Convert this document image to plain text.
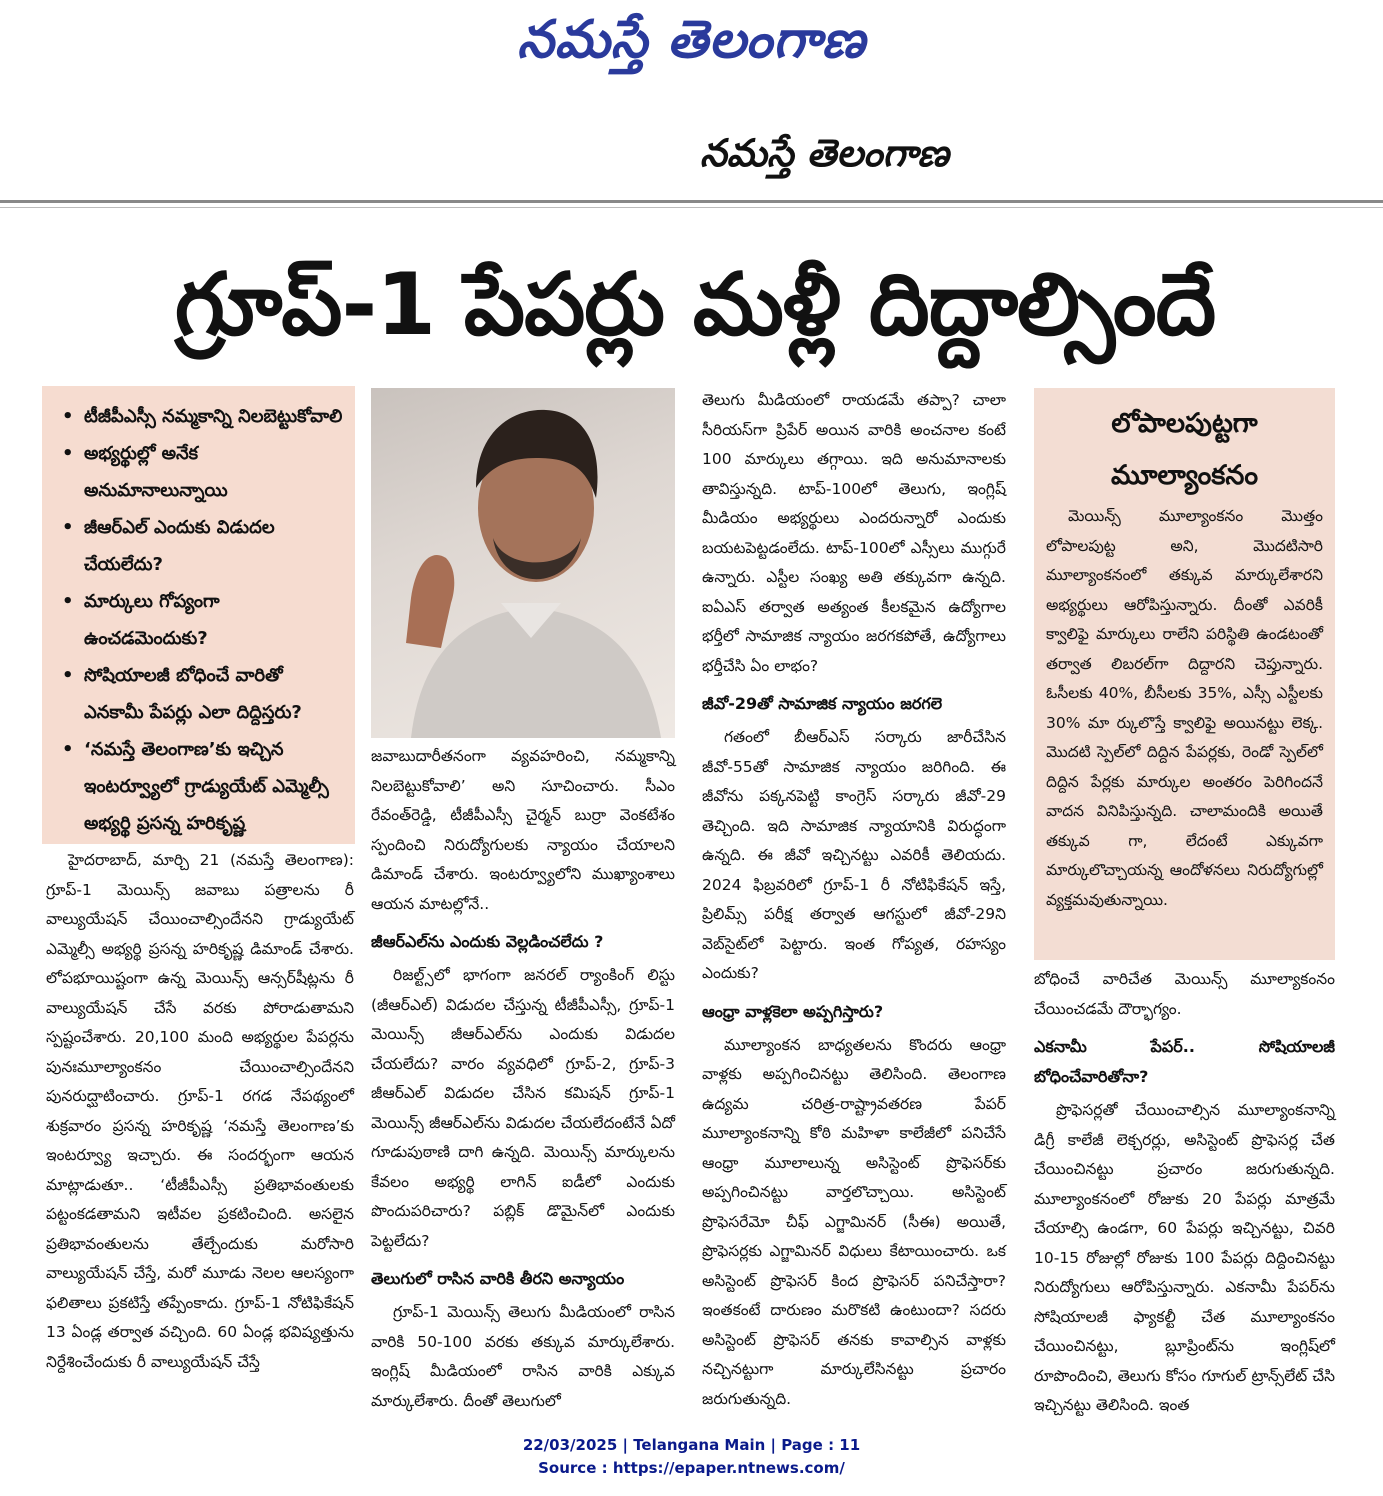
నమస్తే తెలంగాణ
నమస్తే తెలంగాణ
గ్రూప్‌-1 పేపర్లు మళ్లీ దిద్దాల్సిందే
• టీజీపీఎస్సీ నమ్మకాన్ని నిలబెట్టుకోవాలి
• అభ్యర్థుల్లో అనేక అనుమానాలున్నాయి
• జీఆర్‌ఎల్‌ ఎందుకు విడుదల చేయలేదు?
• మార్కులు గోప్యంగా ఉంచడమెందుకు?
• సోషియాలజీ బోధించే వారితో ఎనకామీ పేపర్లు ఎలా దిద్దిస్తరు?
• ‘నమస్తే తెలంగాణ’కు ఇచ్చిన ఇంటర్వ్యూలో గ్రాడ్యుయేట్‌ ఎమ్మెల్సీ అభ్యర్థి ప్రసన్న హరికృష్ణ

హైదరాబాద్‌, మార్చి 21 (నమస్తే తెలంగాణ): గ్రూప్‌-1 మెయిన్స్‌ జవాబు పత్రాలను రీ వాల్యుయేషన్‌ చేయించాల్సిందేనని గ్రాడ్యుయేట్‌ ఎమ్మెల్సీ అభ్యర్థి ప్రసన్న హరికృష్ణ డిమాండ్‌ చేశారు. లోపభూయిష్టంగా ఉన్న మెయిన్స్‌ ఆన్సర్‌షీట్లను రీ వాల్యుయేషన్‌ చేసే వరకు పోరాడుతామని స్పష్టంచేశారు. 20,100 మంది అభ్యర్థుల పేపర్లను పునఃమూల్యాంకనం చేయించాల్సిందేనని పునరుద్ఘాటించారు. గ్రూప్‌-1 రగడ నేపథ్యంలో శుక్రవారం ప్రసన్న హరికృష్ణ ‘నమస్తే తెలంగాణ’కు ఇంటర్వ్యూ ఇచ్చారు. ఈ సందర్భంగా ఆయన మాట్లాడుతూ.. ‘టీజీపీఎస్సీ ప్రతిభావంతులకు పట్టంకడతామని ఇటీవల ప్రకటించింది. అసలైన ప్రతిభావంతులను తేల్చేందుకు మరోసారి వాల్యుయేషన్‌ చేస్తే, మరో మూడు నెలల ఆలస్యంగా ఫలితాలు ప్రకటిస్తే తప్పేంకాదు. గ్రూప్‌-1 నోటిఫికేషన్‌ 13 ఏండ్ల తర్వాత వచ్చింది. 60 ఏండ్ల భవిష్యత్తును నిర్దేశించేందుకు రీ వాల్యుయేషన్‌ చేస్తే

జవాబుదారీతనంగా వ్యవహరించి, నమ్మకాన్ని నిలబెట్టుకోవాలి’ అని సూచించారు. సీఎం రేవంత్‌రెడ్డి, టీజీపీఎస్సీ చైర్మన్‌ బుర్రా వెంకటేశం స్పందించి నిరుద్యోగులకు న్యాయం చేయాలని డిమాండ్‌ చేశారు. ఇంటర్వ్యూలోని ముఖ్యాంశాలు ఆయన మాటల్లోనే..

జీఆర్‌ఎల్‌ను ఎందుకు వెల్లడించలేదు ?

రిజల్ట్స్‌లో భాగంగా జనరల్‌ ర్యాంకింగ్‌ లిస్టు (జీఆర్‌ఎల్‌) విడుదల చేస్తున్న టీజీపీఎస్సీ, గ్రూప్‌-1 మెయిన్స్‌ జీఆర్‌ఎల్‌ను ఎందుకు విడుదల చేయలేదు? వారం వ్యవధిలో గ్రూప్‌-2, గ్రూప్‌-3 జీఆర్‌ఎల్‌ విడుదల చేసిన కమిషన్‌ గ్రూప్‌-1 మెయిన్స్‌ జీఆర్‌ఎల్‌ను విడుదల చేయలేదంటేనే ఏదో గూడుపుఠాణి దాగి ఉన్నది. మెయిన్స్‌ మార్కులను కేవలం అభ్యర్థి లాగిన్‌ ఐడీలో ఎందుకు పొందుపరిచారు? పబ్లిక్‌ డొమైన్‌లో ఎందుకు పెట్టలేదు?

తెలుగులో రాసిన వారికి తీరని అన్యాయం

గ్రూప్‌-1 మెయిన్స్‌ తెలుగు మీడియంలో రాసిన వారికి 50-100 వరకు తక్కువ మార్కులేశారు. ఇంగ్లిష్‌ మీడియంలో రాసిన వారికి ఎక్కువ మార్కులేశారు. దీంతో తెలుగులో

తెలుగు మీడియంలో రాయడమే తప్పా? చాలా సీరియస్‌గా ప్రిపేర్‌ అయిన వారికి అంచనాల కంటే 100 మార్కులు తగ్గాయి. ఇది అనుమానాలకు తావిస్తున్నది. టాప్‌-100లో తెలుగు, ఇంగ్లిష్‌ మీడియం అభ్యర్థులు ఎందరున్నారో ఎందుకు బయటపెట్టడంలేదు. టాప్‌-100లో ఎస్సీలు ముగ్గురే ఉన్నారు. ఎస్టీల సంఖ్య అతి తక్కువగా ఉన్నది. ఐఏఎస్‌ తర్వాత అత్యంత కీలకమైన ఉద్యోగాల భర్తీలో సామాజిక న్యాయం జరగకపోతే, ఉద్యోగాలు భర్తీచేసి ఏం లాభం?

జీవో-29తో సామాజిక న్యాయం జరగలె

గతంలో బీఆర్‌ఎస్‌ సర్కారు జారీచేసిన జీవో-55తో సామాజిక న్యాయం జరిగింది. ఈ జీవోను పక్కనపెట్టి కాంగ్రెస్‌ సర్కారు జీవో-29 తెచ్చింది. ఇది సామాజిక న్యాయానికి విరుద్ధంగా ఉన్నది. ఈ జీవో ఇచ్చినట్టు ఎవరికీ తెలియదు. 2024 ఫిబ్రవరిలో గ్రూప్‌-1 రీ నోటిఫికేషన్‌ ఇస్తే, ప్రిలిమ్స్‌ పరీక్ష తర్వాత ఆగస్టులో జీవో-29ని వెబ్‌సైట్‌లో పెట్టారు. ఇంత గోప్యత, రహస్యం ఎందుకు?

ఆంధ్రా వాళ్లకెలా అప్పగిస్తారు?

మూల్యాంకన బాధ్యతలను కొందరు ఆంధ్రా వాళ్లకు అప్పగించినట్టు తెలిసింది. తెలంగాణ ఉద్యమ చరిత్ర-రాష్ట్రావతరణ పేపర్‌ మూల్యాంకనాన్ని కోఠి మహిళా కాలేజీలో పనిచేసే ఆంధ్రా మూలాలున్న అసిస్టెంట్‌ ప్రొఫెసర్‌కు అప్పగించినట్టు వార్తలొచ్చాయి. అసిస్టెంట్‌ ప్రొఫెసరేమో చీఫ్‌ ఎగ్జామినర్‌ (సీఈ) అయితే, ప్రొఫెసర్లకు ఎగ్జామినర్‌ విధులు కేటాయించారు. ఒక అసిస్టెంట్‌ ప్రొఫెసర్‌ కింద ప్రొఫెసర్‌ పనిచేస్తారా? ఇంతకంటే దారుణం మరొకటి ఉంటుందా? సదరు అసిస్టెంట్‌ ప్రొఫెసర్‌ తనకు కావాల్సిన వాళ్లకు నచ్చినట్టుగా మార్కులేసినట్టు ప్రచారం జరుగుతున్నది.

లోపాలపుట్టగా
మూల్యాంకనం

మెయిన్స్‌ మూల్యాంకనం మొత్తం లోపాలపుట్ట అని, మొదటిసారి మూల్యాంకనంలో తక్కువ మార్కులేశారని అభ్యర్థులు ఆరోపిస్తున్నారు. దీంతో ఎవరికీ క్వాలిఫై మార్కులు రాలేని పరిస్థితి ఉండటంతో తర్వాత లిబరల్‌గా దిద్దారని చెప్తున్నారు. ఓసీలకు 40%, బీసీలకు 35%, ఎస్సీ ఎస్టీలకు 30% మా ర్కులొస్తే క్వాలిఫై అయినట్టు లెక్క. మొదటి స్పెల్‌లో దిద్దిన పేపర్లకు, రెండో స్పెల్‌లో దిద్దిన పేర్లకు మార్కుల అంతరం పెరిగిందనే వాదన వినిపిస్తున్నది. చాలామందికి అయితే తక్కువ గా, లేదంటే ఎక్కువగా మార్కులొచ్చాయన్న ఆందోళనలు నిరుద్యోగుల్లో వ్యక్తమవుతున్నాయి.

బోధించే వారిచేత మెయిన్స్‌ మూల్యాకంనం చేయించడమే దౌర్భాగ్యం.

ఎకనామీ పేపర్‌.. సోషియాలజీ బోధించేవారితోనా?

ప్రొఫెసర్లతో చేయించాల్సిన మూల్యాంకనాన్ని డిగ్రీ కాలేజీ లెక్చరర్లు, అసిస్టెంట్‌ ప్రొఫెసర్ల చేత చేయించినట్టు ప్రచారం జరుగుతున్నది. మూల్యాంకనంలో రోజుకు 20 పేపర్లు మాత్రమే చేయాల్సి ఉండగా, 60 పేపర్లు ఇచ్చినట్టు, చివరి 10-15 రోజుల్లో రోజుకు 100 పేపర్లు దిద్దించినట్టు నిరుద్యోగులు ఆరోపిస్తున్నారు. ఎకనామీ పేపర్‌ను సోషియాలజీ ఫ్యాకల్టీ చేత మూల్యాంకనం చేయించినట్టు, బ్లూప్రింట్‌ను ఇంగ్లిష్‌లో రూపొందించి, తెలుగు కోసం గూగుల్‌ ట్రాన్స్‌లేట్‌ చేసి ఇచ్చినట్టు తెలిసింది. ఇంత

22/03/2025 | Telangana Main | Page : 11
Source : https://epaper.ntnews.com/
